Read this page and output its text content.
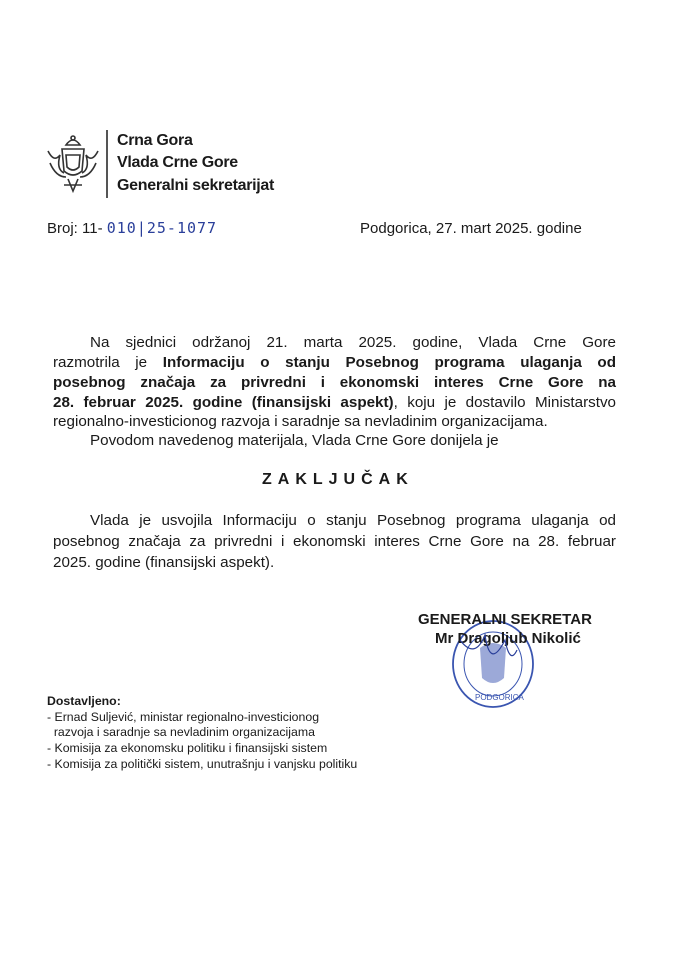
Crna Gora
Vlada Crne Gore
Generalni sekretarijat
Broj: 11- 010|25-1077	Podgorica, 27. mart 2025. godine
Na sjednici održanoj 21. marta 2025. godine, Vlada Crne Gore
razmotrila je Informaciju o stanju Posebnog programa ulaganja od
posebnog značaja za privredni i ekonomski interes Crne Gore na
28. februar 2025. godine (finansijski aspekt), koju je dostavilo Ministarstvo
regionalno-investicionog razvoja i saradnje sa nevladinim organizacijama.
Povodom navedenog materijala, Vlada Crne Gore donijela je
ZAKLJUČAK
Vlada je usvojila Informaciju o stanju Posebnog programa ulaganja od
posebnog značaja za privredni i ekonomski interes Crne Gore na 28. februar
2025. godine (finansijski aspekt).
PODGORICA
GENERALNI SEKRETAR
Mr Dragoljub Nikolić
Dostavljeno:
- Ernad Suljević, ministar regionalno-investicionog
razvoja i saradnje sa nevladinim organizacijama
- Komisija za ekonomsku politiku i finansijski sistem
- Komisija za politički sistem, unutrašnju i vanjsku politiku
